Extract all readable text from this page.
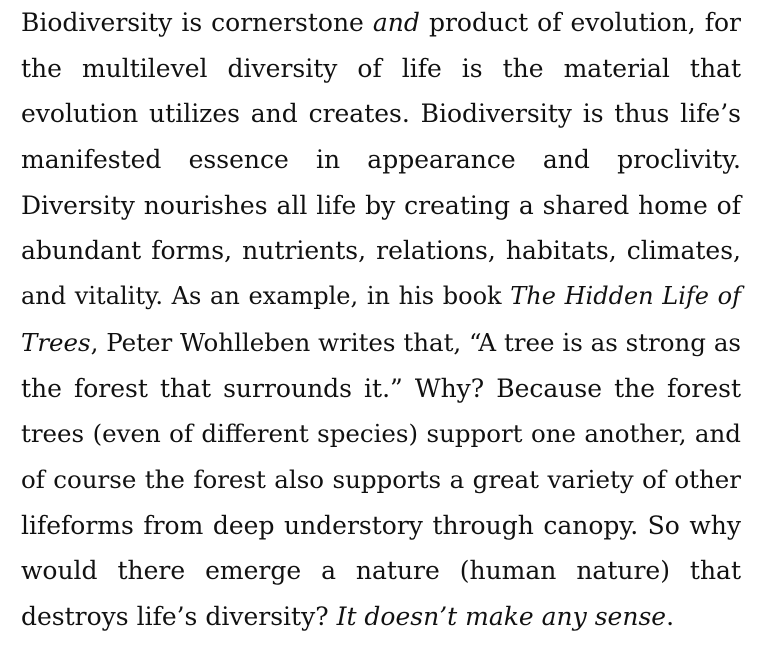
Biodiversity is cornerstone and product of evolution, for
the multilevel diversity of life is the material that
evolution utilizes and creates. Biodiversity is thus life’s
manifested essence in appearance and proclivity.
Diversity nourishes all life by creating a shared home of
abundant forms, nutrients, relations, habitats, climates,
and vitality. As an example, in his book The Hidden Life of
Trees, Peter Wohlleben writes that, “A tree is as strong as
the forest that surrounds it.” Why? Because the forest
trees (even of different species) support one another, and
of course the forest also supports a great variety of other
lifeforms from deep understory through canopy. So why
would there emerge a nature (human nature) that
destroys life’s diversity? It doesn’t make any sense.
